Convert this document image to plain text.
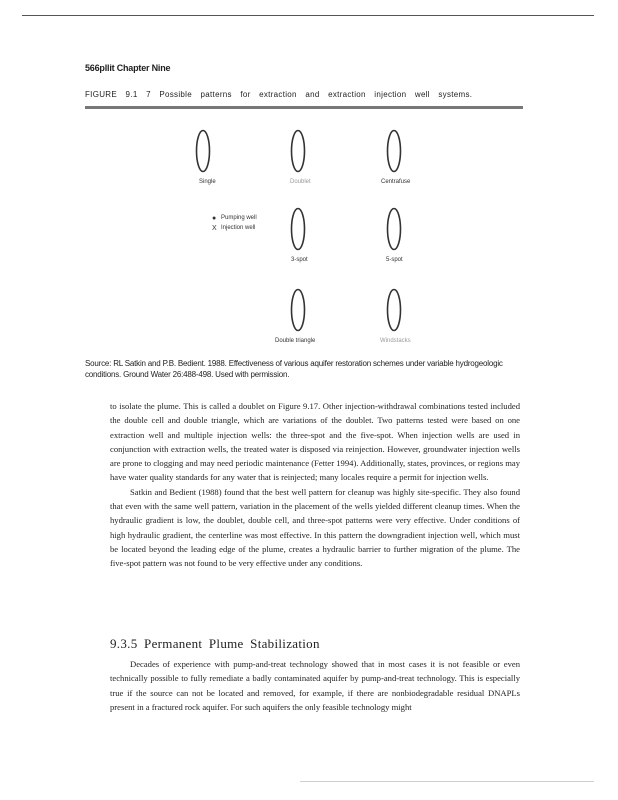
566pllit Chapter Nine
FIGURE 9.1 7 Possible patterns for extraction and extraction injection well systems.
Single	Doublet	Centrafuse
● Pumping well
X Injection well
3-spot	5-spot
Double triangle	Windstacks
Source: RL Satkin and P.B. Bedient. 1988. Effectiveness of various aquifer restoration schemes under variable hydrogeologic conditions. Ground Water 26:488-498. Used with permission.

to isolate the plume. This is called a doublet on Figure 9.17. Other injection-withdrawal combinations tested included the double cell and double triangle, which are variations of the doublet. Two patterns tested were based on one extraction well and multiple injection wells: the three-spot and the five-spot. When injection wells are used in conjunction with extraction wells, the treated water is disposed via reinjection. However, groundwater injection wells are prone to clogging and may need periodic maintenance (Fetter 1994). Additionally, states, provinces, or regions may have water quality standards for any water that is reinjected; many locales require a permit for injection wells.

Satkin and Bedient (1988) found that the best well pattern for cleanup was highly site-specific. They also found that even with the same well pattern, variation in the placement of the wells yielded different cleanup times. When the hydraulic gradient is low, the doublet, double cell, and three-spot patterns were very effective. Under conditions of high hydraulic gradient, the centerline was most effective. In this pattern the downgradient injection well, which must be located beyond the leading edge of the plume, creates a hydraulic barrier to further migration of the plume. The five-spot pattern was not found to be very effective under any conditions.

9.3.5 Permanent Plume Stabilization

Decades of experience with pump-and-treat technology showed that in most cases it is not feasible or even technically possible to fully remediate a badly contaminated aquifer by pump-and-treat technology. This is especially true if the source can not be located and removed, for example, if there are nonbiodegradable residual DNAPLs present in a fractured rock aquifer. For such aquifers the only feasible technology might
